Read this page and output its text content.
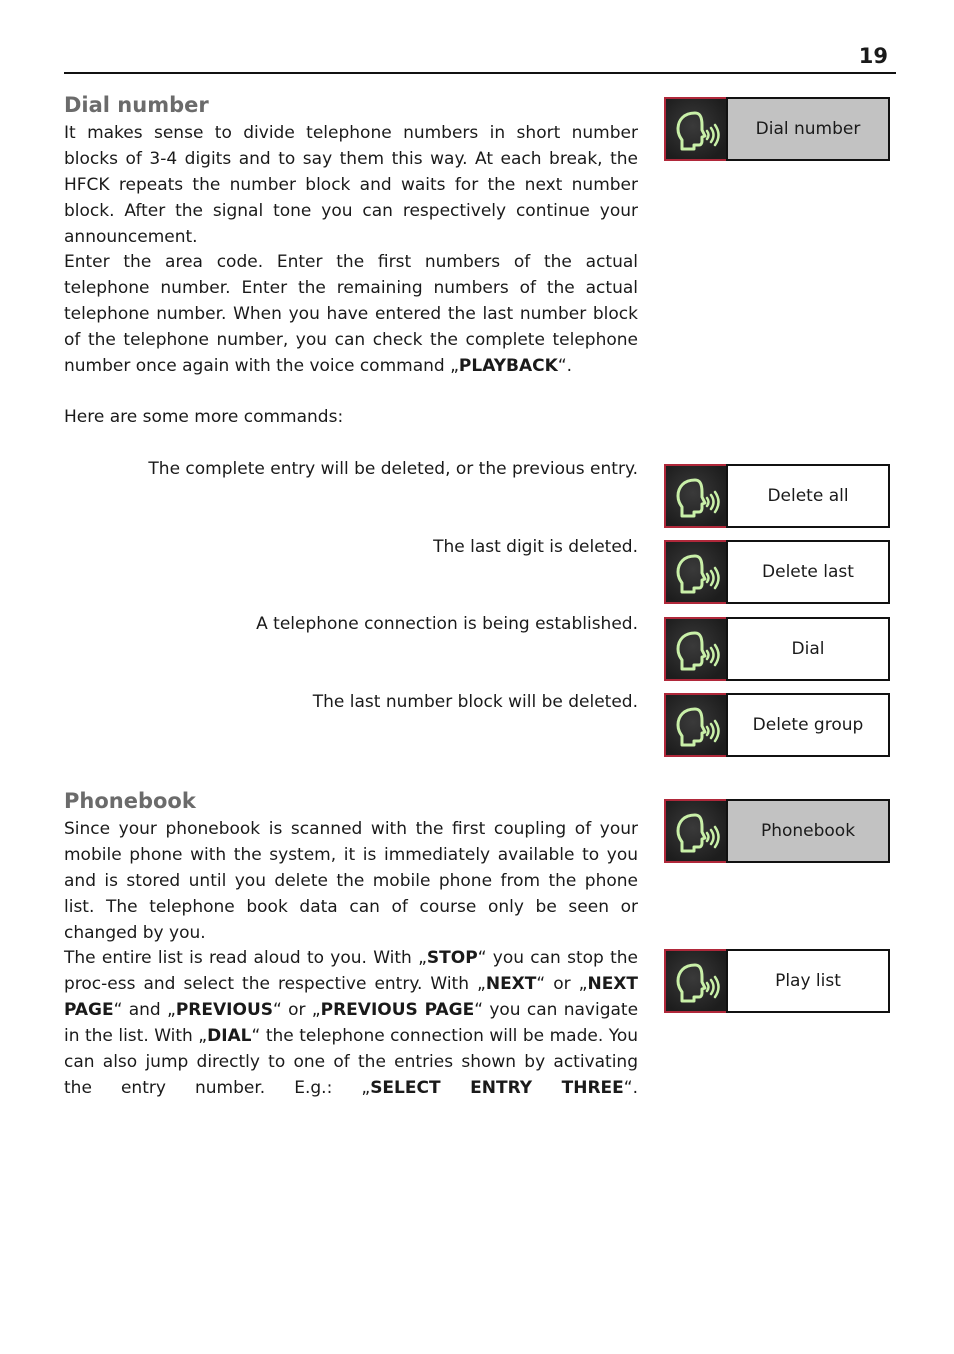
19
Dial number

It makes sense to divide telephone numbers in short number blocks of 3-4 digits and to say them this way. At each break, the HFCK repeats the number block and waits for the next number block. After the signal tone you can respectively continue your announcement.

Enter the area code. Enter the first numbers of the actual telephone number. Enter the remaining numbers of the actual telephone number. When you have entered the last number block of the telephone number, you can check the complete telephone number once again with the voice command „PLAYBACK“.

Here are some more commands:

Dial number

The complete entry will be deleted, or the previous entry.

Delete all

The last digit is deleted.

Delete last

A telephone connection is being established.

Dial

The last number block will be deleted.

Delete group
Phonebook

Since your phonebook is scanned with the first coupling of your mobile phone with the system, it is immediately available to you and is stored until you delete the mobile phone from the phone list. The telephone book data can of course only be seen or changed by you.

The entire list is read aloud to you. With „STOP“ you can stop the proc-ess and select the respective entry. With „NEXT“ or „NEXT PAGE“ and „PREVIOUS“ or „PREVIOUS PAGE“ you can navigate in the list. With „DIAL“ the telephone connection will be made. You can also jump directly to one of the entries shown by activating the entry number. E.g.: „SELECT ENTRY THREE“.

Phonebook
Play list
